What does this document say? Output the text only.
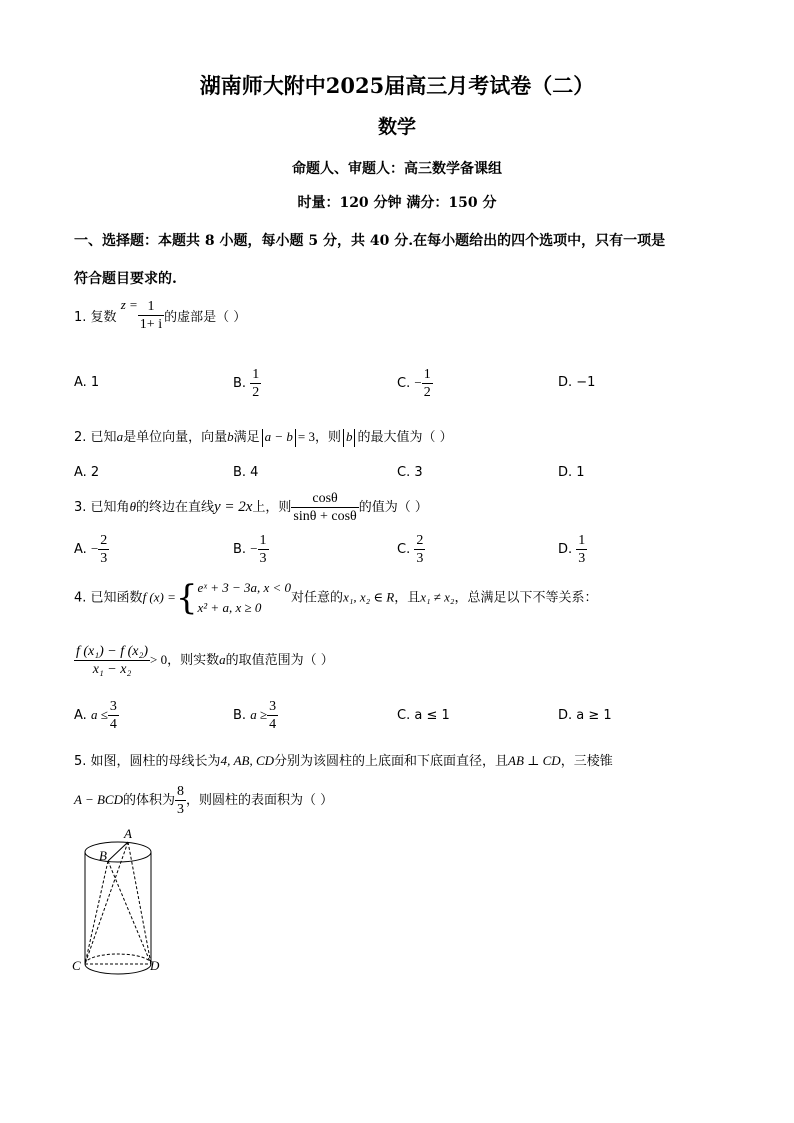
湖南师大附中2025届高三月考试卷（二）
数学
命题人、审题人：高三数学备课组
时量：120 分钟 满分：150 分
一、选择题：本题共 8 小题，每小题 5 分，共 40 分.在每小题给出的四个选项中，只有一项是
符合题目要求的.
1. 复数 $z = \frac{1}{1+ i}$ 的虚部是（ ）
A. 1	B. $\frac{1}{2}$	C. − $\frac{1}{2}$	D. −1
2. 已知a是单位向量，向量b满足 a − b = 3，则 b 的最大值为（ ）
A. 2	B. 4	C. 3	D. 1
3. 已知角θ的终边在直线y = 2x上，则 $\frac{\cos\theta}{\sin\theta + \cos\theta}$ 的值为（ ）
A. − $\frac{2}{3}$	B. − $\frac{1}{3}$	C. $\frac{2}{3}$	D. $\frac{1}{3}$
4. 已知函数f (x) ={ eˣ + 3 − 3a, x < 0
x² + a, x ≥ 0
对任意的x₁, x₂ ∈ R，且x₁ ≠ x₂，总满足以下不等关系：
$\frac{\text{f (x₁) − f (x₂)}}{\text{x₁ − x₂}} > 0$，则实数a的取值范围为（ ）
A. $a \le \frac{3}{4}$	B. $a \ge \frac{3}{4}$	C. a ≤ 1	D. a ≥ 1
5. 如图，圆柱的母线长为4, AB, CD分别为该圆柱的上底面和下底面直径，且AB ⊥ CD，三棱锥
A − BCD的体积为 $\frac{8}{3}$ ，则圆柱的表面积为（ ）
A
B
C	D
